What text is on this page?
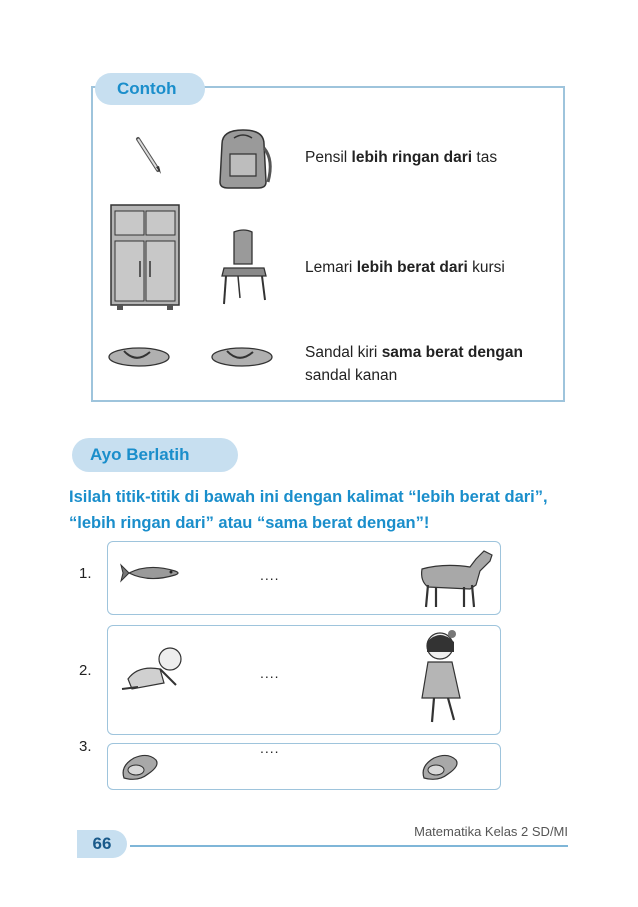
Contoh
Pensil lebih ringan dari tas
Lemari lebih berat dari kursi
Sandal kiri sama berat dengan
sandal kanan
Ayo Berlatih
Isilah titik-titik di bawah ini dengan kalimat “lebih berat dari”, “lebih ringan dari” atau “sama berat dengan”!
1.	....
2.	....
3.	....
66
Matematika Kelas 2 SD/MI
